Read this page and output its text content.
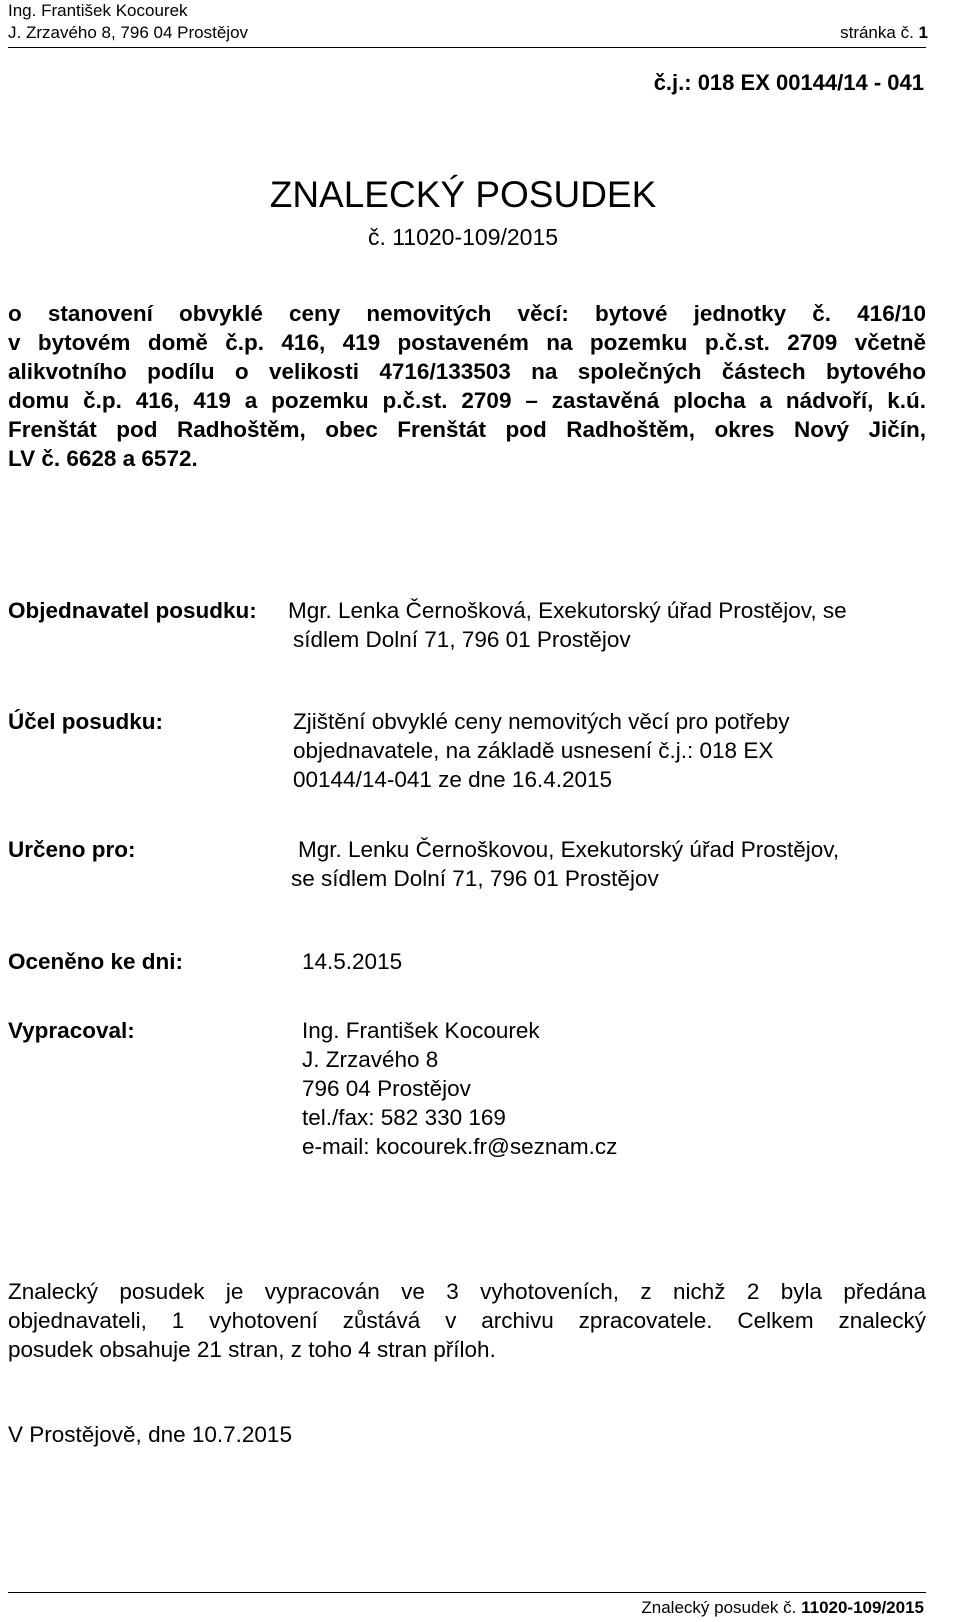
Ing. František Kocourek
J. Zrzavého 8, 796 04 Prostějov	stránka č. 1
č.j.: 018 EX 00144/14 - 041
ZNALECKÝ POSUDEK
č. 11020-109/2015
o stanovení obvyklé ceny nemovitých věcí: bytové jednotky č. 416/10
v bytovém domě č.p. 416, 419 postaveném na pozemku p.č.st. 2709 včetně
alikvotního podílu o velikosti 4716/133503 na společných částech bytového
domu č.p. 416, 419 a pozemku p.č.st. 2709 – zastavěná plocha a nádvoří, k.ú.
Frenštát pod Radhoštěm, obec Frenštát pod Radhoštěm, okres Nový Jičín,
LV č. 6628 a 6572.
Objednavatel posudku: Mgr. Lenka Černošková, Exekutorský úřad Prostějov, se
sídlem Dolní 71, 796 01 Prostějov
Účel posudku:	Zjištění obvyklé ceny nemovitých věcí pro potřeby
objednavatele, na základě usnesení č.j.: 018 EX
00144/14-041 ze dne 16.4.2015
Určeno pro:	Mgr. Lenku Černoškovou, Exekutorský úřad Prostějov,
se sídlem Dolní 71, 796 01 Prostějov
Oceněno ke dni:	14.5.2015
Vypracoval:	Ing. František Kocourek
J. Zrzavého 8
796 04 Prostějov
tel./fax: 582 330 169
e-mail: kocourek.fr@seznam.cz
Znalecký posudek je vypracován ve 3 vyhotoveních, z nichž 2 byla předána
objednavateli, 1 vyhotovení zůstává v archivu zpracovatele. Celkem znalecký
posudek obsahuje 21 stran, z toho 4 stran příloh.
V Prostějově, dne 10.7.2015
Znalecký posudek č. 11020-109/2015
